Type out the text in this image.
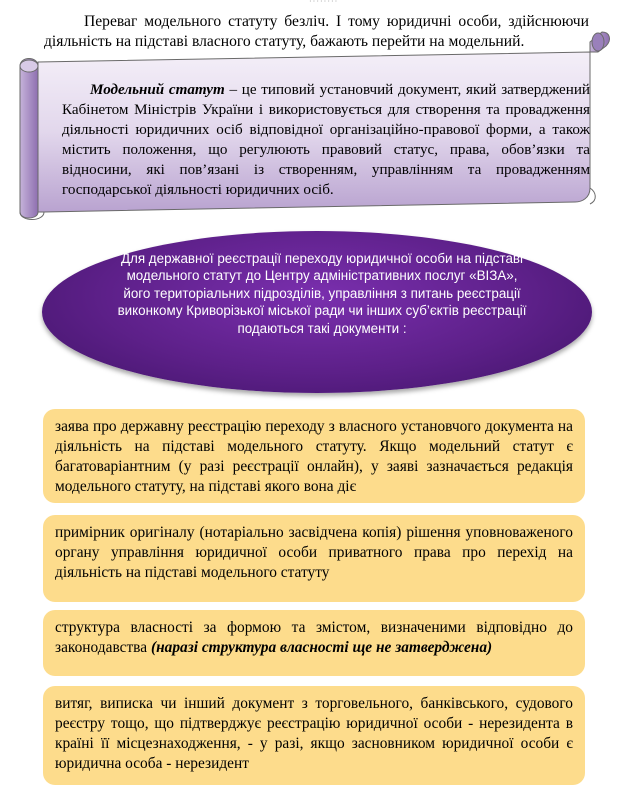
········

Переваг модельного статуту безліч. І тому юридичні особи, здійснюючи діяльність на підставі власного статуту, бажають перейти на модельний.

Модельний статут – це типовий установчий документ, який затверджений Кабінетом Міністрів України і використовується для створення та провадження діяльності юридичних осіб відповідної організаційно-правової форми, а також містить положення, що регулюють правовий статус, права, обов’язки та відносини, які пов’язані із створенням, управлінням та провадженням господарської діяльності юридичних осіб.

Для державної реєстрації переходу юридичної особи на підставі модельного статут до Центру адміністративних послуг «ВІЗА», його територіальних підрозділів, управління з питань реєстрації виконкому Криворізької міської ради чи інших суб’єктів реєстрації подаються такі документи :

заява про державну реєстрацію переходу з власного установчого документа на діяльність на підставі модельного статуту. Якщо модельний статут є багатоваріантним (у разі реєстрації онлайн), у заяві зазначається редакція модельного статуту, на підставі якого вона діє

примірник оригіналу (нотаріально засвідчена копія) рішення уповноваженого органу управління юридичної особи приватного права про перехід на діяльність на підставі модельного статуту

структура власності за формою та змістом, визначеними відповідно до законодавства (наразі структура власності ще не затверджена)

витяг, виписка чи інший документ з торговельного, банківського, судового реєстру тощо, що підтверджує реєстрацію юридичної особи - нерезидента в країні її місцезнаходження, - у разі, якщо засновником юридичної особи є юридична особа - нерезидент
